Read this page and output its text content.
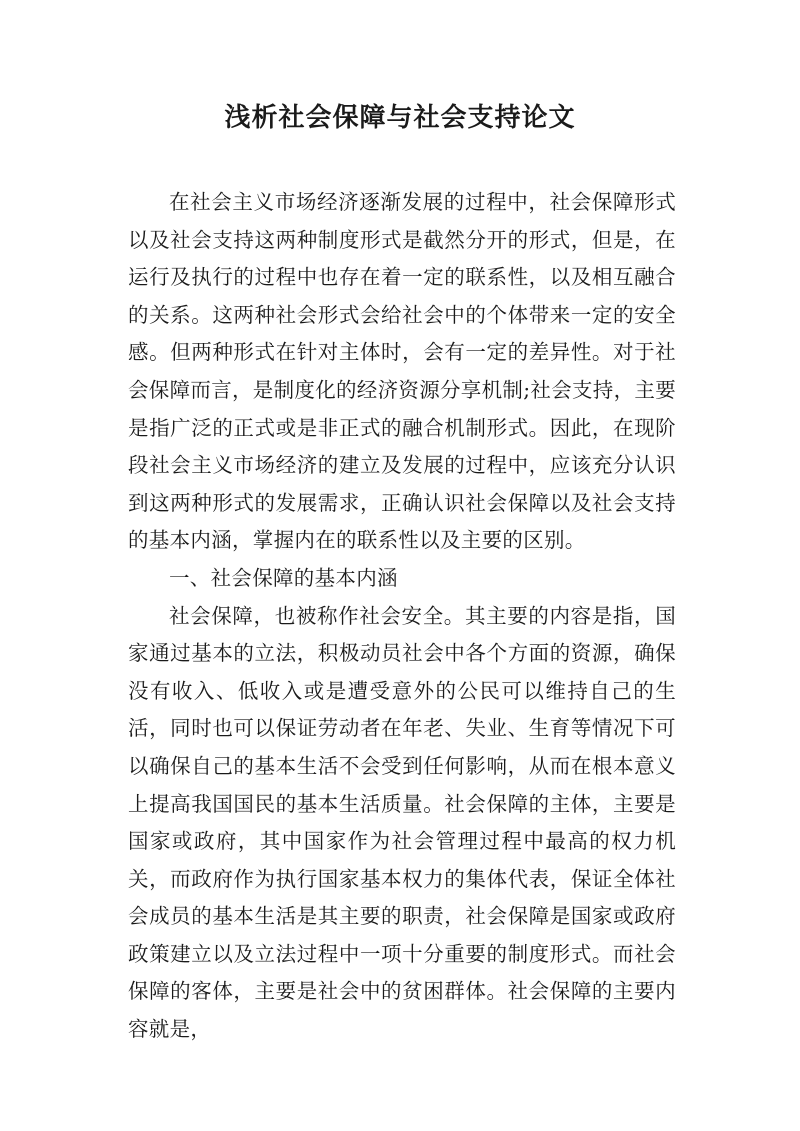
浅析社会保障与社会支持论文

在社会主义市场经济逐渐发展的过程中，社会保障形式以及社会支持这两种制度形式是截然分开的形式，但是，在运行及执行的过程中也存在着一定的联系性，以及相互融合的关系。这两种社会形式会给社会中的个体带来一定的安全感。但两种形式在针对主体时，会有一定的差异性。对于社会保障而言，是制度化的经济资源分享机制;社会支持，主要是指广泛的正式或是非正式的融合机制形式。因此，在现阶段社会主义市场经济的建立及发展的过程中，应该充分认识到这两种形式的发展需求，正确认识社会保障以及社会支持的基本内涵，掌握内在的联系性以及主要的区别。

一、社会保障的基本内涵

社会保障，也被称作社会安全。其主要的内容是指，国家通过基本的立法，积极动员社会中各个方面的资源，确保没有收入、低收入或是遭受意外的公民可以维持自己的生活，同时也可以保证劳动者在年老、失业、生育等情况下可以确保自己的基本生活不会受到任何影响，从而在根本意义上提高我国国民的基本生活质量。社会保障的主体，主要是国家或政府，其中国家作为社会管理过程中最高的权力机关，而政府作为执行国家基本权力的集体代表，保证全体社会成员的基本生活是其主要的职责，社会保障是国家或政府政策建立以及立法过程中一项十分重要的制度形式。而社会保障的客体，主要是社会中的贫困群体。社会保障的主要内容就是，
